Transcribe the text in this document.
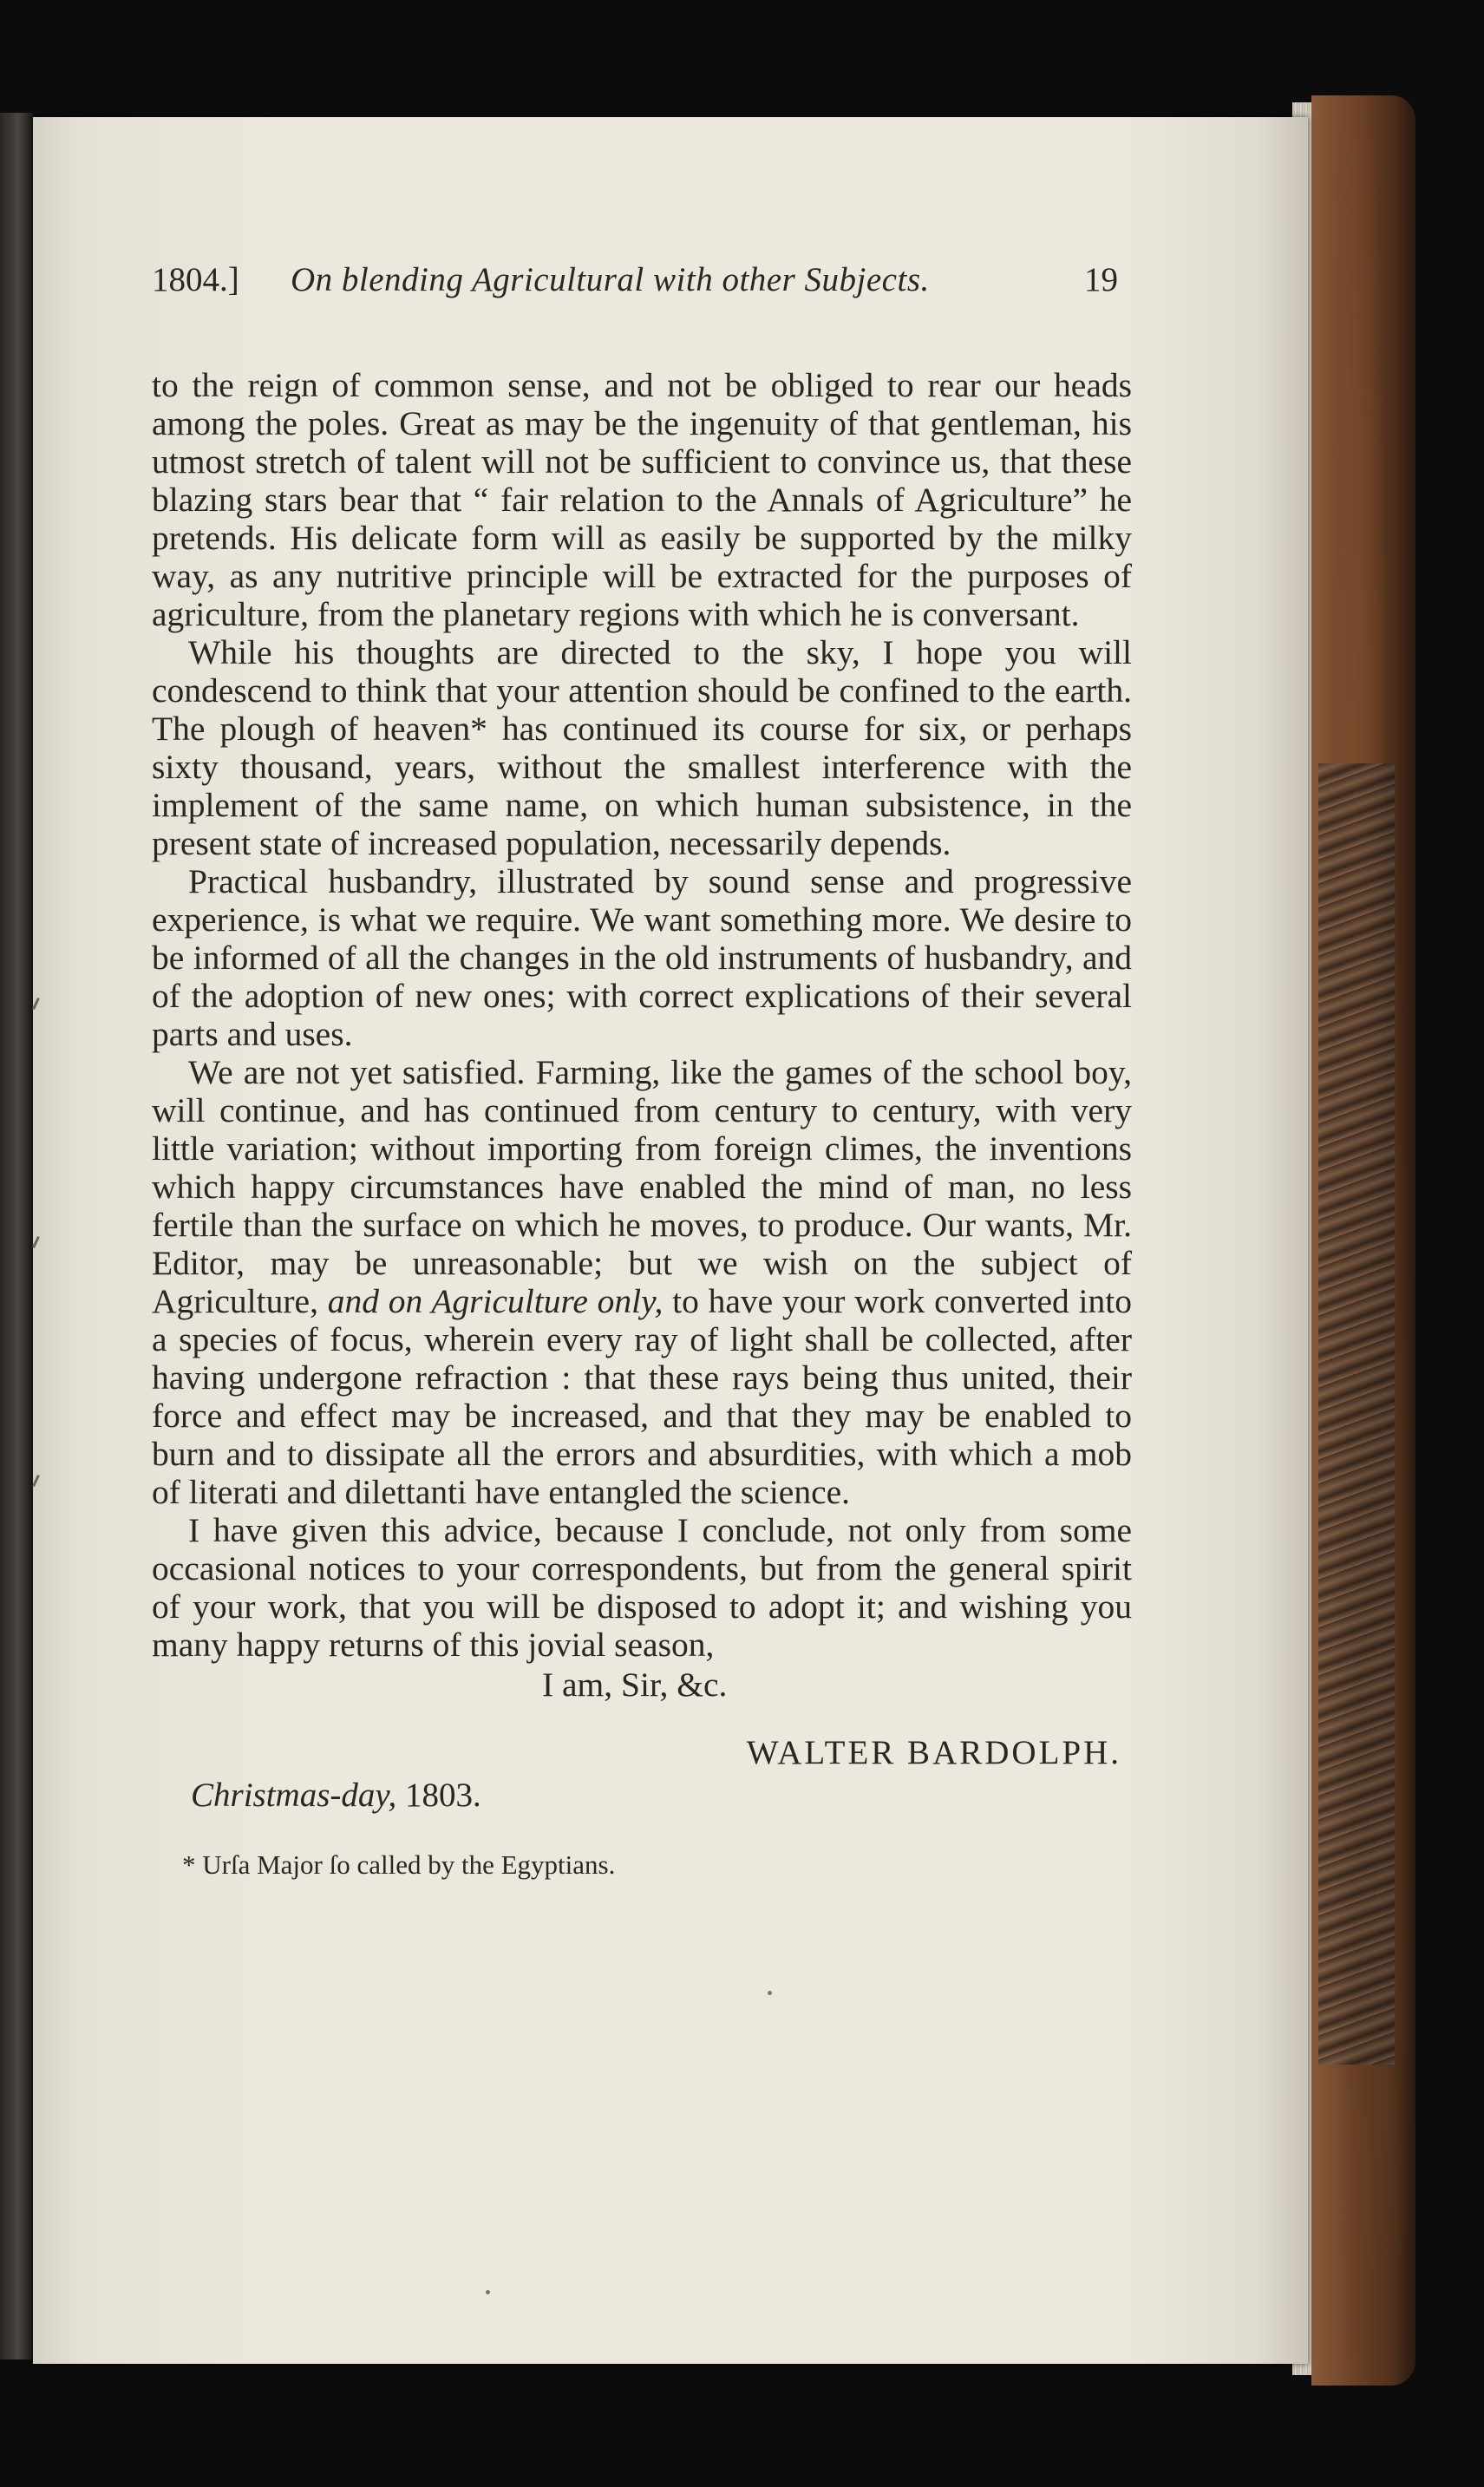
1804.] On blending Agricultural with other Subjects.	19

to the reign of common sense, and not be obliged to rear our heads among the poles. Great as may be the ingenuity of that gentleman, his utmost stretch of talent will not be sufficient to convince us, that these blazing stars bear that “ fair relation to the Annals of Agriculture” he pretends. His delicate form will as easily be supported by the milky way, as any nutritive principle will be extracted for the purposes of agriculture, from the planetary regions with which he is conversant.

While his thoughts are directed to the sky, I hope you will condescend to think that your attention should be confined to the earth. The plough of heaven* has continued its course for six, or perhaps sixty thousand, years, without the smallest interference with the implement of the same name, on which human subsistence, in the present state of increased population, necessarily depends.

Practical husbandry, illustrated by sound sense and progressive experience, is what we require. We want something more. We desire to be informed of all the changes in the old instruments of husbandry, and of the adoption of new ones; with correct explications of their several parts and uses.

We are not yet satisfied. Farming, like the games of the school boy, will continue, and has continued from century to century, with very little variation; without importing from foreign climes, the inventions which happy circumstances have enabled the mind of man, no less fertile than the surface on which he moves, to produce. Our wants, Mr. Editor, may be unreasonable; but we wish on the subject of Agriculture, and on Agriculture only, to have your work converted into a species of focus, wherein every ray of light shall be collected, after having undergone refraction : that these rays being thus united, their force and effect may be increased, and that they may be enabled to burn and to dissipate all the errors and absurdities, with which a mob of literati and dilettanti have entangled the science.

I have given this advice, because I conclude, not only from some occasional notices to your correspondents, but from the general spirit of your work, that you will be disposed to adopt it; and wishing you many happy returns of this jovial season,

I am, Sir, &c.
WALTER BARDOLPH.
Christmas-day, 1803.
* Urſa Major ſo called by the Egyptians.
